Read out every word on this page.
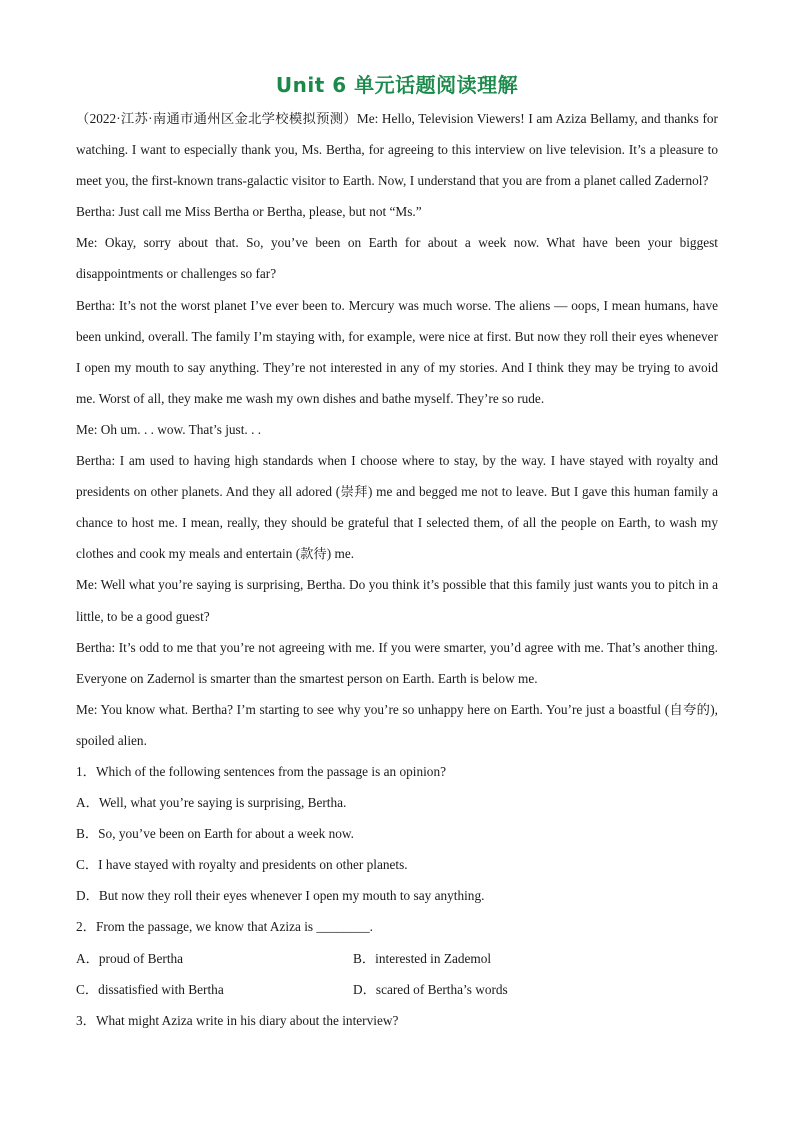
Unit 6 单元话题阅读理解

（2022·江苏·南通市通州区金北学校模拟预测）Me: Hello, Television Viewers! I am Aziza Bellamy, and thanks for watching. I want to especially thank you, Ms. Bertha, for agreeing to this interview on live television. It’s a pleasure to meet you, the first-known trans-galactic visitor to Earth. Now, I understand that you are from a planet called Zadernol?

Bertha: Just call me Miss Bertha or Bertha, please, but not “Ms.”

Me: Okay, sorry about that. So, you’ve been on Earth for about a week now. What have been your biggest disappointments or challenges so far?

Bertha: It’s not the worst planet I’ve ever been to. Mercury was much worse. The aliens — oops, I mean humans, have been unkind, overall. The family I’m staying with, for example, were nice at first. But now they roll their eyes whenever I open my mouth to say anything. They’re not interested in any of my stories. And I think they may be trying to avoid me. Worst of all, they make me wash my own dishes and bathe myself. They’re so rude.

Me: Oh um. . . wow. That’s just. . .

Bertha: I am used to having high standards when I choose where to stay, by the way. I have stayed with royalty and presidents on other planets. And they all adored (崇拜) me and begged me not to leave. But I gave this human family a chance to host me. I mean, really, they should be grateful that I selected them, of all the people on Earth, to wash my clothes and cook my meals and entertain (款待) me.

Me: Well what you’re saying is surprising, Bertha. Do you think it’s possible that this family just wants you to pitch in a little, to be a good guest?

Bertha: It’s odd to me that you’re not agreeing with me. If you were smarter, you’d agree with me. That’s another thing. Everyone on Zadernol is smarter than the smartest person on Earth. Earth is below me.

Me: You know what. Bertha? I’m starting to see why you’re so unhappy here on Earth. You’re just a boastful (自夸的), spoiled alien.

1．Which of the following sentences from the passage is an opinion?

A．Well, what you’re saying is surprising, Bertha.

B．So, you’ve been on Earth for about a week now.

C．I have stayed with royalty and presidents on other planets.

D．But now they roll their eyes whenever I open my mouth to say anything.

2．From the passage, we know that Aziza is ________.

A．proud of Bertha	B．interested in Zademol
C．dissatisfied with Bertha	D．scared of Bertha’s words

3．What might Aziza write in his diary about the interview?
